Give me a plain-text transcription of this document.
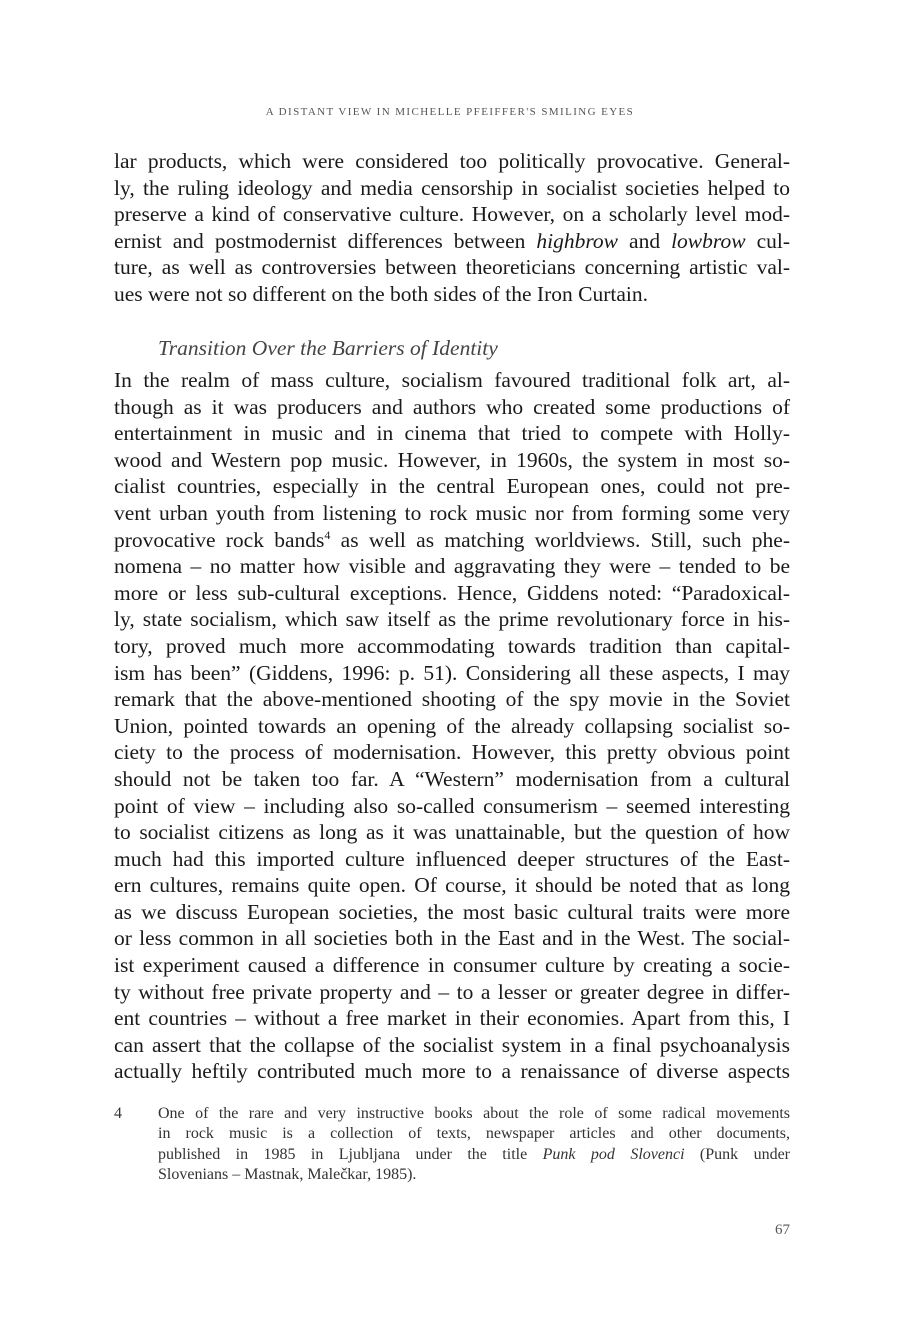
A DISTANT VIEW IN MICHELLE PFEIFFER'S SMILING EYES
lar products, which were considered too politically provocative. General-
ly, the ruling ideology and media censorship in socialist societies helped to
preserve a kind of conservative culture. However, on a scholarly level mod-
ernist and postmodernist differences between highbrow and lowbrow cul-
ture, as well as controversies between theoreticians concerning artistic val-
ues were not so different on the both sides of the Iron Curtain.
Transition Over the Barriers of Identity
In the realm of mass culture, socialism favoured traditional folk art, al-
though as it was producers and authors who created some productions of
entertainment in music and in cinema that tried to compete with Holly-
wood and Western pop music. However, in 1960s, the system in most so-
cialist countries, especially in the central European ones, could not pre-
vent urban youth from listening to rock music nor from forming some very
provocative rock bands$^4$ as well as matching worldviews. Still, such phe-
nomena – no matter how visible and aggravating they were – tended to be
more or less sub-cultural exceptions. Hence, Giddens noted: “Paradoxical-
ly, state socialism, which saw itself as the prime revolutionary force in his-
tory, proved much more accommodating towards tradition than capital-
ism has been” (Giddens, 1996: p. 51). Considering all these aspects, I may
remark that the above-mentioned shooting of the spy movie in the Soviet
Union, pointed towards an opening of the already collapsing socialist so-
ciety to the process of modernisation. However, this pretty obvious point
should not be taken too far. A “Western” modernisation from a cultural
point of view – including also so-called consumerism – seemed interesting
to socialist citizens as long as it was unattainable, but the question of how
much had this imported culture influenced deeper structures of the East-
ern cultures, remains quite open. Of course, it should be noted that as long
as we discuss European societies, the most basic cultural traits were more
or less common in all societies both in the East and in the West. The social-
ist experiment caused a difference in consumer culture by creating a socie-
ty without free private property and – to a lesser or greater degree in differ-
ent countries – without a free market in their economies. Apart from this, I
can assert that the collapse of the socialist system in a final psychoanalysis
actually heftily contributed much more to a renaissance of diverse aspects
4 One of the rare and very instructive books about the role of some radical movements
in rock music is a collection of texts, newspaper articles and other documents,
published in 1985 in Ljubljana under the title Punk pod Slovenci (Punk under
Slovenians – Mastnak, Malečkar, 1985).
67
